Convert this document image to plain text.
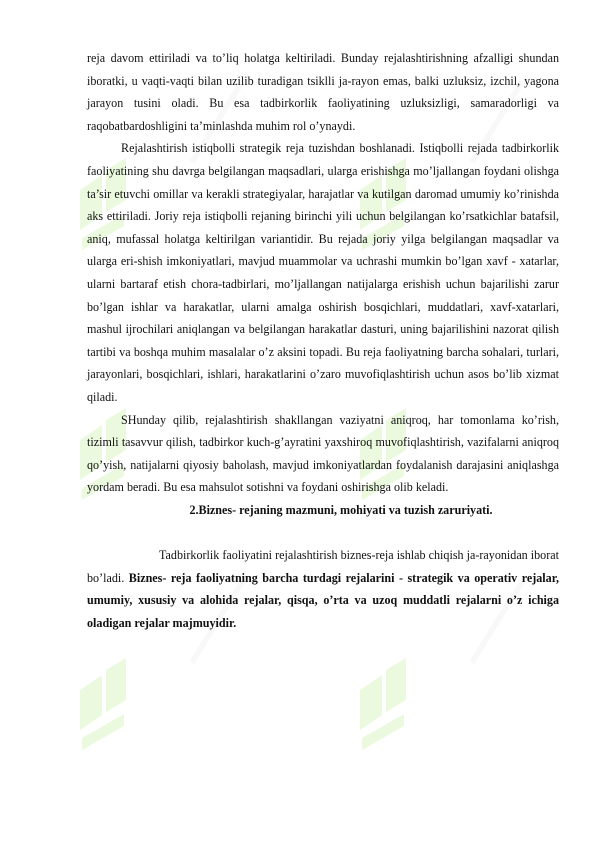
reja davom ettiriladi va to’liq holatga keltiriladi. Bunday rejalashtirishning afzalligi shundan iboratki, u vaqti-vaqti bilan uzilib turadigan tsiklli ja-rayon emas, balki uzluksiz, izchil, yagona jarayon tusini oladi. Bu esa tadbirkorlik faoliyatining uzluksizligi, samaradorligi va raqobatbardoshligini ta’minlashda muhim rol o’ynaydi.

Rejalashtirish istiqbolli strategik reja tuzishdan boshlanadi. Istiqbolli rejada tadbirkorlik faoliyatining shu davrga belgilangan maqsadlari, ularga erishishga mo’ljallangan foydani olishga ta’sir etuvchi omillar va kerakli strategiyalar, harajatlar va kutilgan daromad umumiy ko’rinishda aks ettiriladi. Joriy reja istiqbolli rejaning birinchi yili uchun belgilangan ko’rsatkichlar batafsil, aniq, mufassal holatga keltirilgan variantidir. Bu rejada joriy yilga belgilangan maqsadlar va ularga eri-shish imkoniyatlari, mavjud muammolar va uchrashi mumkin bo’lgan xavf - xatarlar, ularni bartaraf etish chora-tadbirlari, mo’ljallangan natijalarga erishish uchun bajarilishi zarur bo’lgan ishlar va harakatlar, ularni amalga oshirish bosqichlari, muddatlari, xavf-xatarlari, mashul ijrochilari aniqlangan va belgilangan harakatlar dasturi, uning bajarilishini nazorat qilish tartibi va boshqa muhim masalalar o’z aksini topadi. Bu reja faoliyatning barcha sohalari, turlari, jarayonlari, bosqichlari, ishlari, harakatlarini o’zaro muvofiqlashtirish uchun asos bo’lib xizmat qiladi.

SHunday qilib, rejalashtirish shakllangan vaziyatni aniqroq, har tomonlama ko’rish, tizimli tasavvur qilish, tadbirkor kuch-g’ayratini yaxshiroq muvofiqlashtirish, vazifalarni aniqroq qo’yish, natijalarni qiyosiy baholash, mavjud imkoniyatlardan foydalanish darajasini aniqlashga yordam beradi. Bu esa mahsulot sotishni va foydani oshirishga olib keladi.

2.Biznes- rejaning mazmuni, mohiyati va tuzish zaruriyati.

Tadbirkorlik faoliyatini rejalashtirish biznes-reja ishlab chiqish ja-rayonidan iborat bo’ladi. Biznes- reja faoliyatning barcha turdagi rejalarini - strategik va operativ rejalar, umumiy, xususiy va alohida rejalar, qisqa, o’rta va uzoq muddatli rejalarni o’z ichiga oladigan rejalar majmuyidir.
